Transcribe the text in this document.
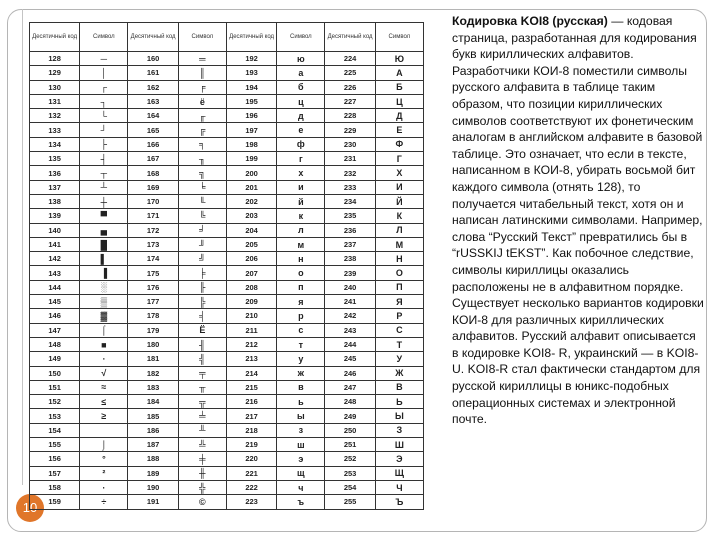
10
Десятичный код	Символ	Десятичный код	Символ	Десятичный код	Символ	Десятичный код	Символ
128	─	160	═	192	ю	224	Ю
129	│	161	║	193	а	225	А
130	┌	162	╒	194	б	226	Б
131	┐	163	ё	195	ц	227	Ц
132	└	164	╓	196	д	228	Д
133	┘	165	╔	197	е	229	Е
134	├	166	╕	198	ф	230	Ф
135	┤	167	╖	199	г	231	Г
136	┬	168	╗	200	х	232	Х
137	┴	169	╘	201	и	233	И
138	┼	170	╙	202	й	234	Й
139	▀	171	╚	203	к	235	К
140	▄	172	╛	204	л	236	Л
141	█	173	╜	205	м	237	М
142	▌	174	╝	206	н	238	Н
143	▐	175	╞	207	о	239	О
144	░	176	╟	208	п	240	П
145	▒	177	╠	209	я	241	Я
146	▓	178	╡	210	р	242	Р
147	⌠	179	Ё	211	с	243	С
148	■	180	╢	212	т	244	Т
149	∙	181	╣	213	у	245	У
150	√	182	╤	214	ж	246	Ж
151	≈	183	╥	215	в	247	В
152	≤	184	╦	216	ь	248	Ь
153	≥	185	╧	217	ы	249	Ы
154		186	╨	218	з	250	З
155	⌡	187	╩	219	ш	251	Ш
156	°	188	╪	220	э	252	Э
157	²	189	╫	221	щ	253	Щ
158	·	190	╬	222	ч	254	Ч
159	÷	191	©	223	ъ	255	Ъ
Кодировка KOI8 (русская) — кодовая страница, разработанная для кодирования букв кириллических алфавитов. Разработчики КОИ-8 поместили символы русского алфавита в таблице таким образом, что позиции кириллических символов соответствуют их фонетическим аналогам в английском алфавите в базовой таблице. Это означает, что если в тексте, написанном в КОИ-8, убирать восьмой бит каждого символа (отнять 128), то получается читабельный текст, хотя он и написан латинскими символами. Например, слова “Русский Текст” превратились бы в “rUSSKIJ tEKST”. Как побочное следствие, символы кириллицы оказались расположены не в алфавитном порядке. Существует несколько вариантов кодировки КОИ-8 для различных кириллических алфавитов. Русский алфавит описывается в кодировке KOI8- R, украинский — в KOI8-U. KOI8-R стал фактически стандартом для русской кириллицы в юникс-подобных операционных системах и электронной почте.
